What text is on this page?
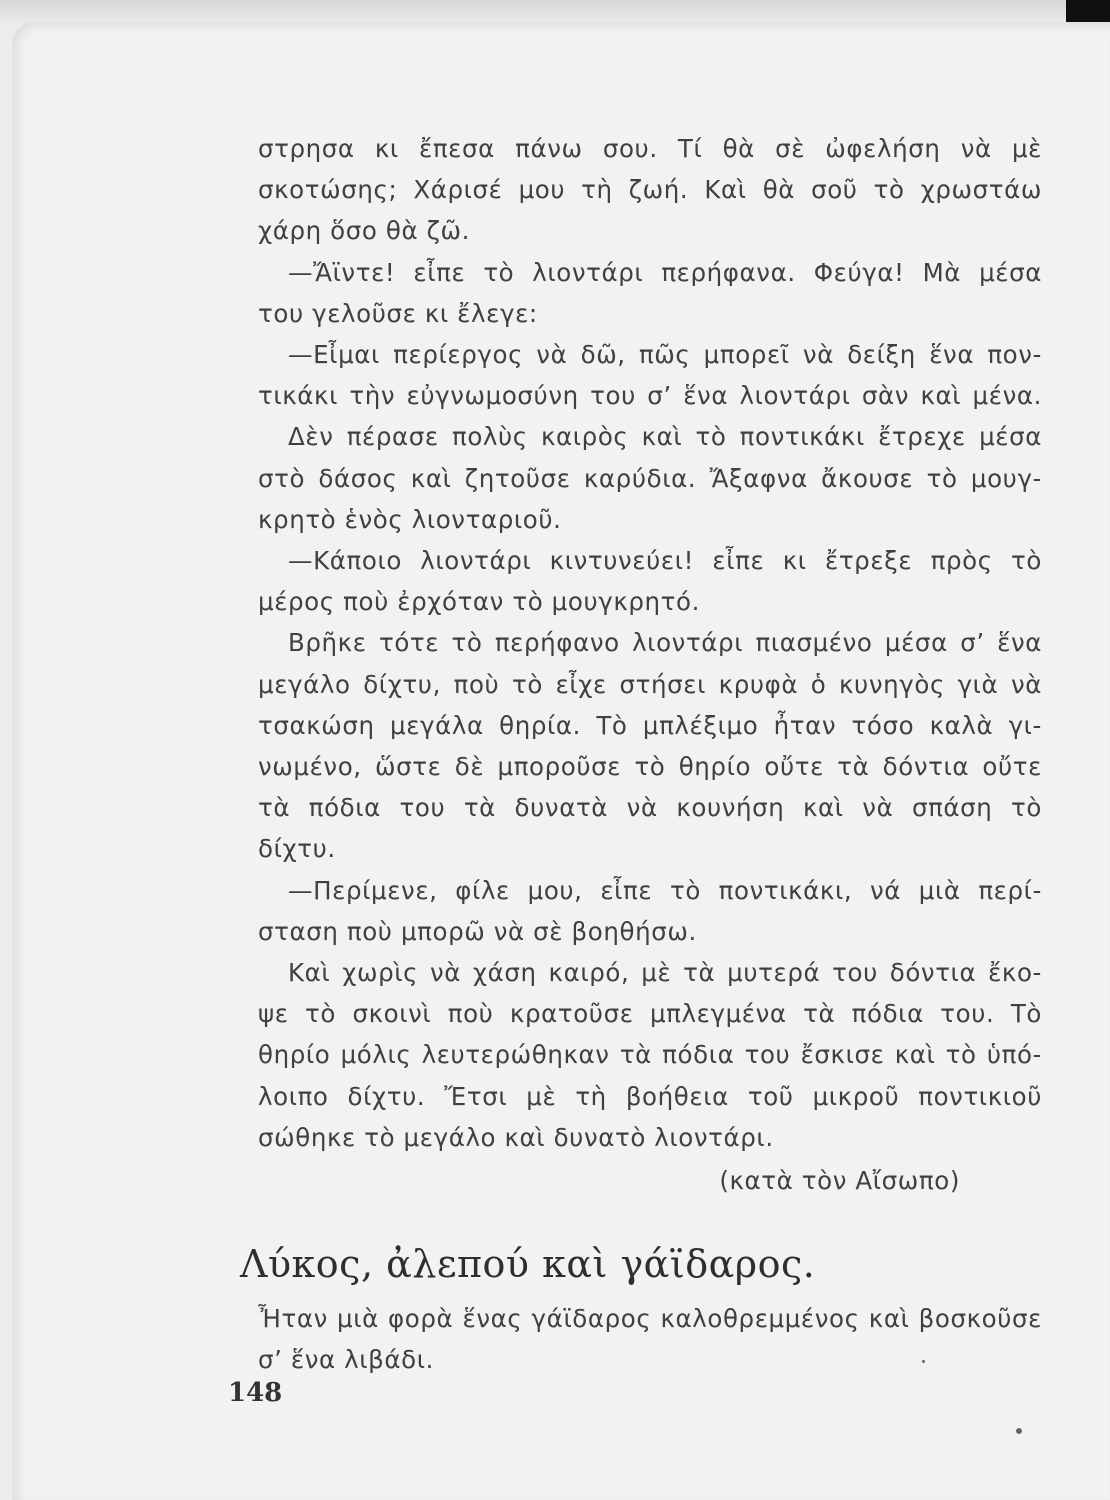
στρησα κι ἔπεσα πάνω σου. Τί θὰ σὲ ὠφελήση νὰ μὲ
σκοτώσης; Χάρισέ μου τὴ ζωή. Καὶ θὰ σοῦ τὸ χρωστάω
χάρη ὅσο θὰ ζῶ.
—Ἄϊντε! εἶπε τὸ λιοντάρι περήφανα. Φεύγα! Μὰ μέσα
του γελοῦσε κι ἔλεγε:
—Εἶμαι περίεργος νὰ δῶ, πῶς μπορεῖ νὰ δείξη ἕνα πον-
τικάκι τὴν εὐγνωμοσύνη του σ’ ἕνα λιοντάρι σὰν καὶ μένα.
Δὲν πέρασε πολὺς καιρὸς καὶ τὸ ποντικάκι ἔτρεχε μέσα
στὸ δάσος καὶ ζητοῦσε καρύδια. Ἄξαφνα ἄκουσε τὸ μουγ-
κρητὸ ἑνὸς λιονταριοῦ.
—Κάποιο λιοντάρι κιντυνεύει! εἶπε κι ἔτρεξε πρὸς τὸ
μέρος ποὺ ἐρχόταν τὸ μουγκρητό.
Βρῆκε τότε τὸ περήφανο λιοντάρι πιασμένο μέσα σ’ ἕνα
μεγάλο δίχτυ, ποὺ τὸ εἶχε στήσει κρυφὰ ὁ κυνηγὸς γιὰ νὰ
τσακώση μεγάλα θηρία. Τὸ μπλέξιμο ἦταν τόσο καλὰ γι-
νωμένο, ὥστε δὲ μποροῦσε τὸ θηρίο οὔτε τὰ δόντια οὔτε
τὰ πόδια του τὰ δυνατὰ νὰ κουνήση καὶ νὰ σπάση τὸ
δίχτυ.
—Περίμενε, φίλε μου, εἶπε τὸ ποντικάκι, νά μιὰ περί-
σταση ποὺ μπορῶ νὰ σὲ βοηθήσω.
Καὶ χωρὶς νὰ χάση καιρό, μὲ τὰ μυτερά του δόντια ἔκο-
ψε τὸ σκοινὶ ποὺ κρατοῦσε μπλεγμένα τὰ πόδια του. Τὸ
θηρίο μόλις λευτερώθηκαν τὰ πόδια του ἔσκισε καὶ τὸ ὑπό-
λοιπο δίχτυ. Ἔτσι μὲ τὴ βοήθεια τοῦ μικροῦ ποντικιοῦ
σώθηκε τὸ μεγάλο καὶ δυνατὸ λιοντάρι.
(κατὰ τὸν Αἴσωπο)
Λύκος, ἀλεπού καὶ γάϊδαρος.
Ἦταν μιὰ φορὰ ἕνας γάϊδαρος καλοθρεμμένος καὶ βοσκοῦσε
σ’ ἕνα λιβάδι.
148
